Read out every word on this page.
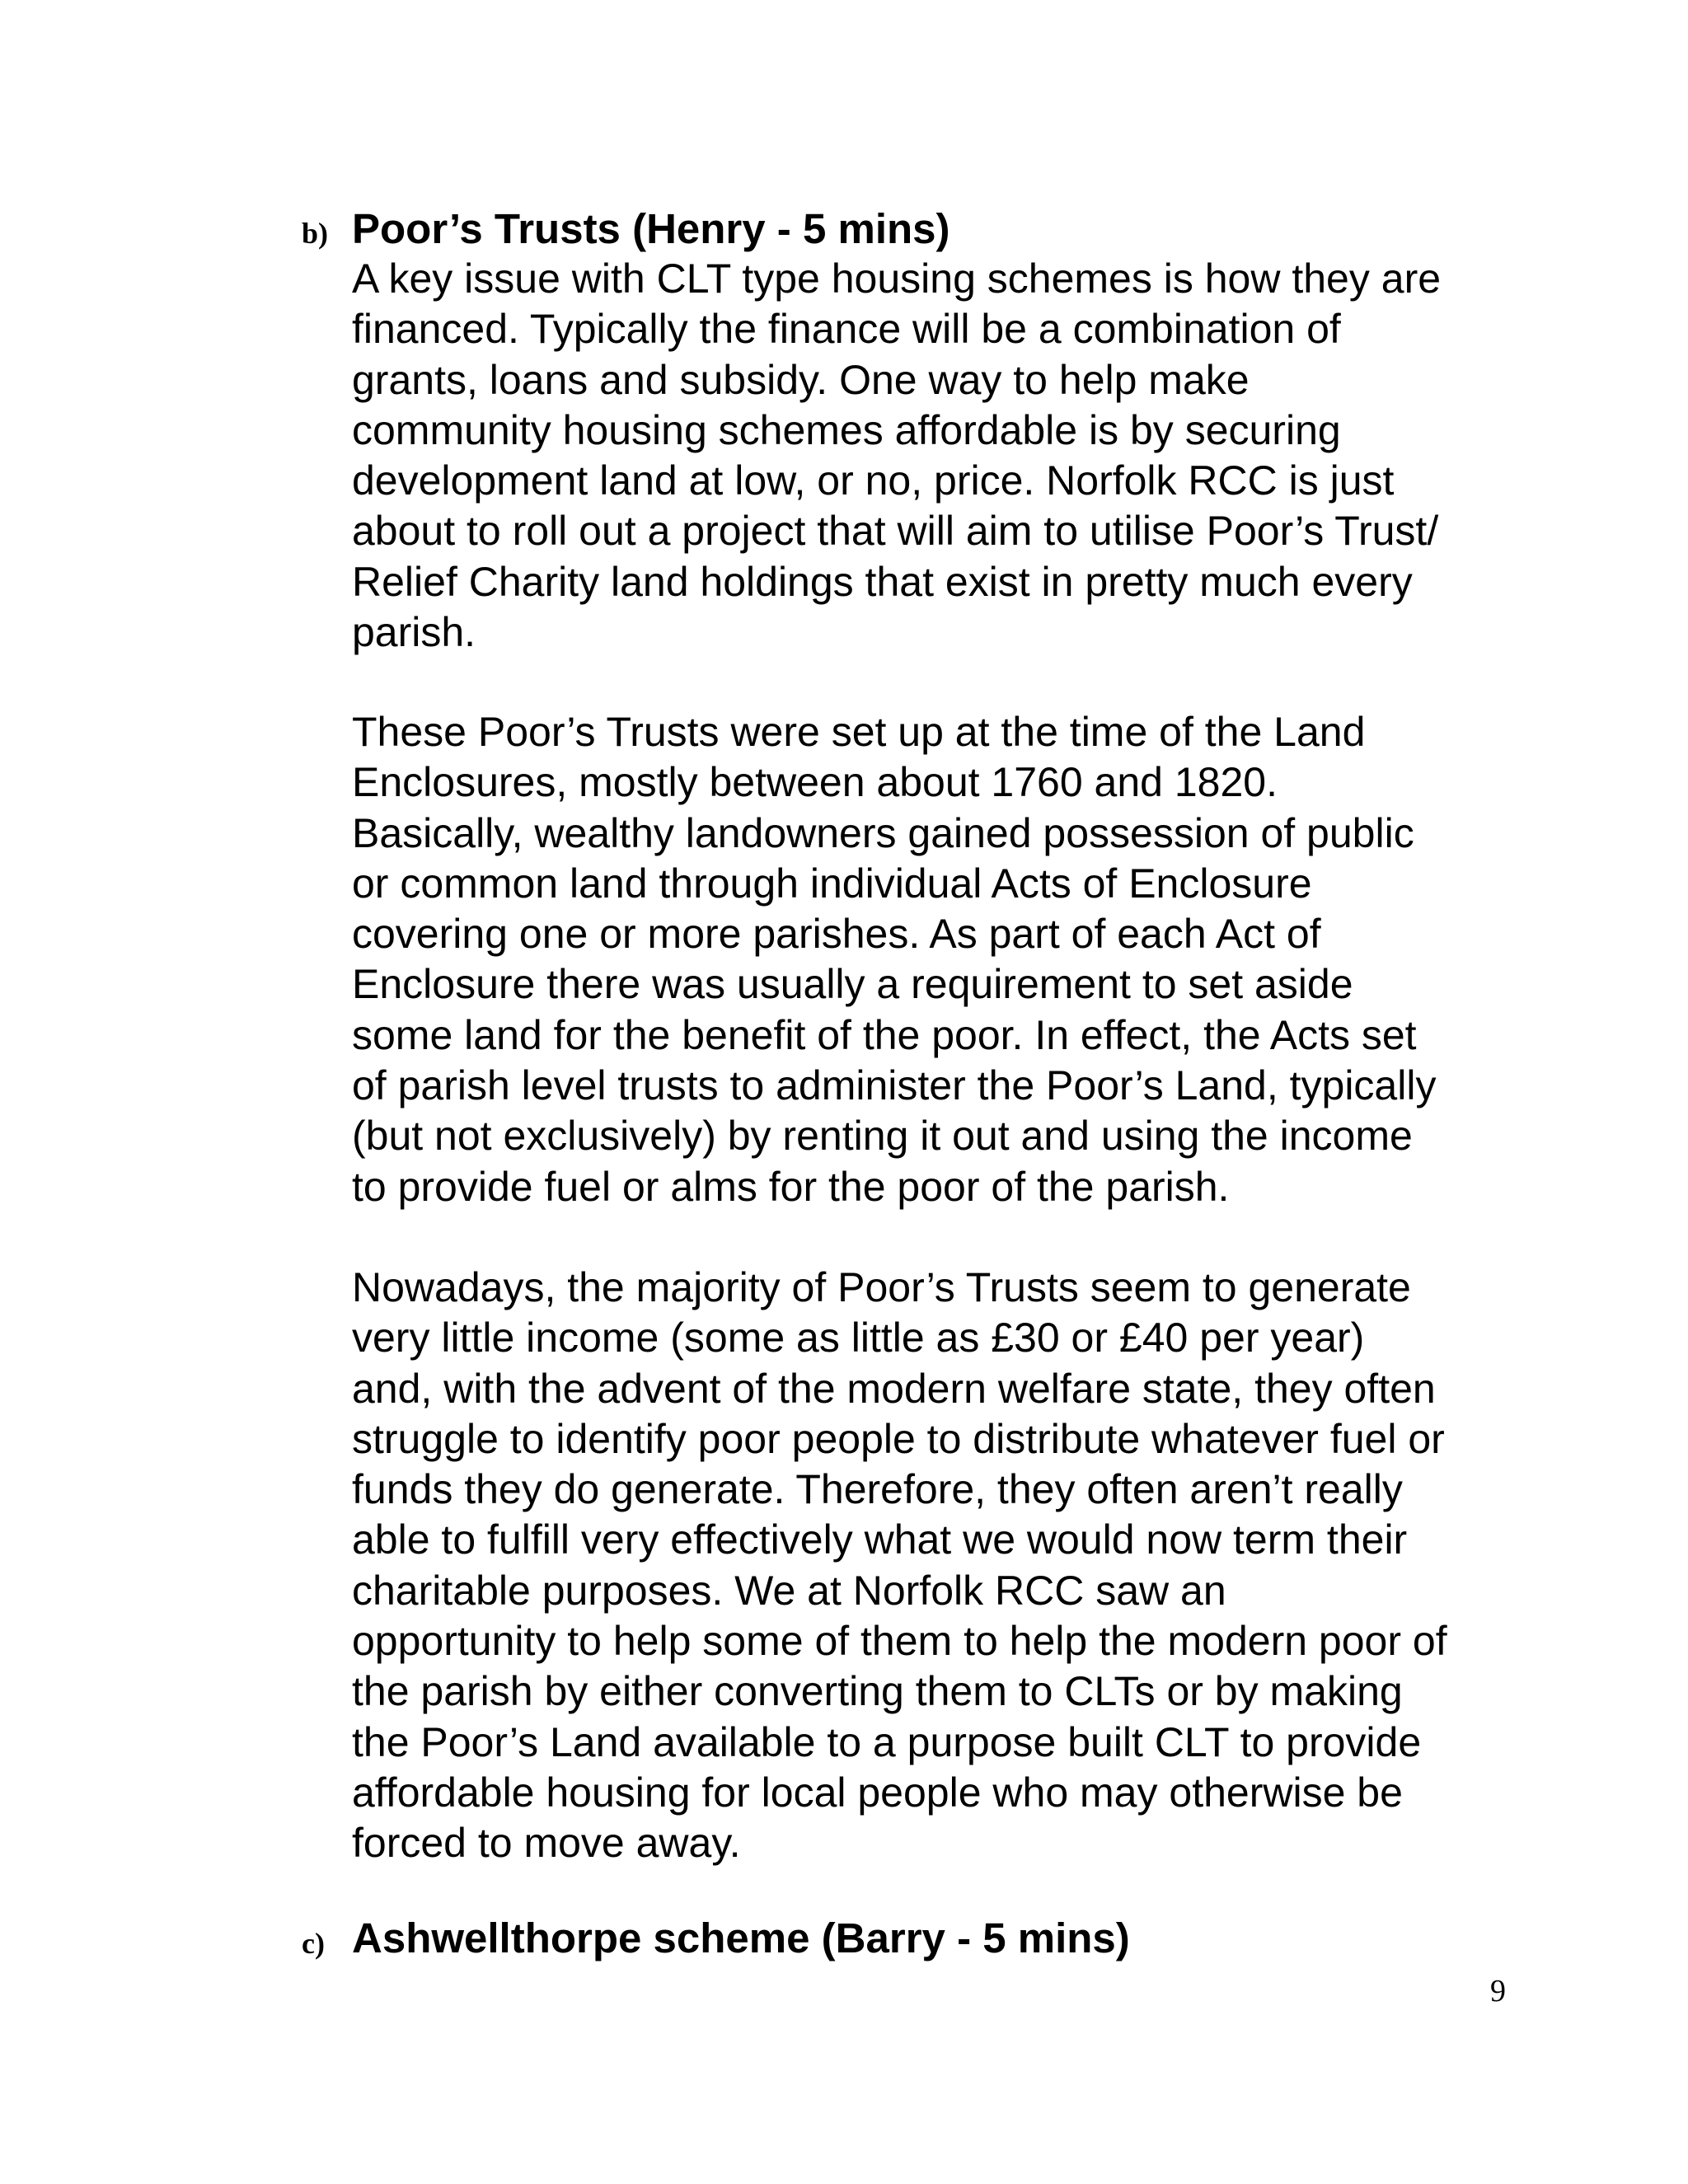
b) Poor’s Trusts (Henry - 5 mins)
A key issue with CLT type housing schemes is how they are
financed. Typically the finance will be a combination of
grants, loans and subsidy. One way to help make
community housing schemes affordable is by securing
development land at low, or no, price. Norfolk RCC is just
about to roll out a project that will aim to utilise Poor’s Trust/
Relief Charity land holdings that exist in pretty much every
parish.
These Poor’s Trusts were set up at the time of the Land
Enclosures, mostly between about 1760 and 1820.
Basically, wealthy landowners gained possession of public
or common land through individual Acts of Enclosure
covering one or more parishes. As part of each Act of
Enclosure there was usually a requirement to set aside
some land for the benefit of the poor. In effect, the Acts set
of parish level trusts to administer the Poor’s Land, typically
(but not exclusively) by renting it out and using the income
to provide fuel or alms for the poor of the parish.
Nowadays, the majority of Poor’s Trusts seem to generate
very little income (some as little as £30 or £40 per year)
and, with the advent of the modern welfare state, they often
struggle to identify poor people to distribute whatever fuel or
funds they do generate. Therefore, they often aren’t really
able to fulfill very effectively what we would now term their
charitable purposes. We at Norfolk RCC saw an
opportunity to help some of them to help the modern poor of
the parish by either converting them to CLTs or by making
the Poor’s Land available to a purpose built CLT to provide
affordable housing for local people who may otherwise be
forced to move away.
c) Ashwellthorpe scheme (Barry - 5 mins)
9
